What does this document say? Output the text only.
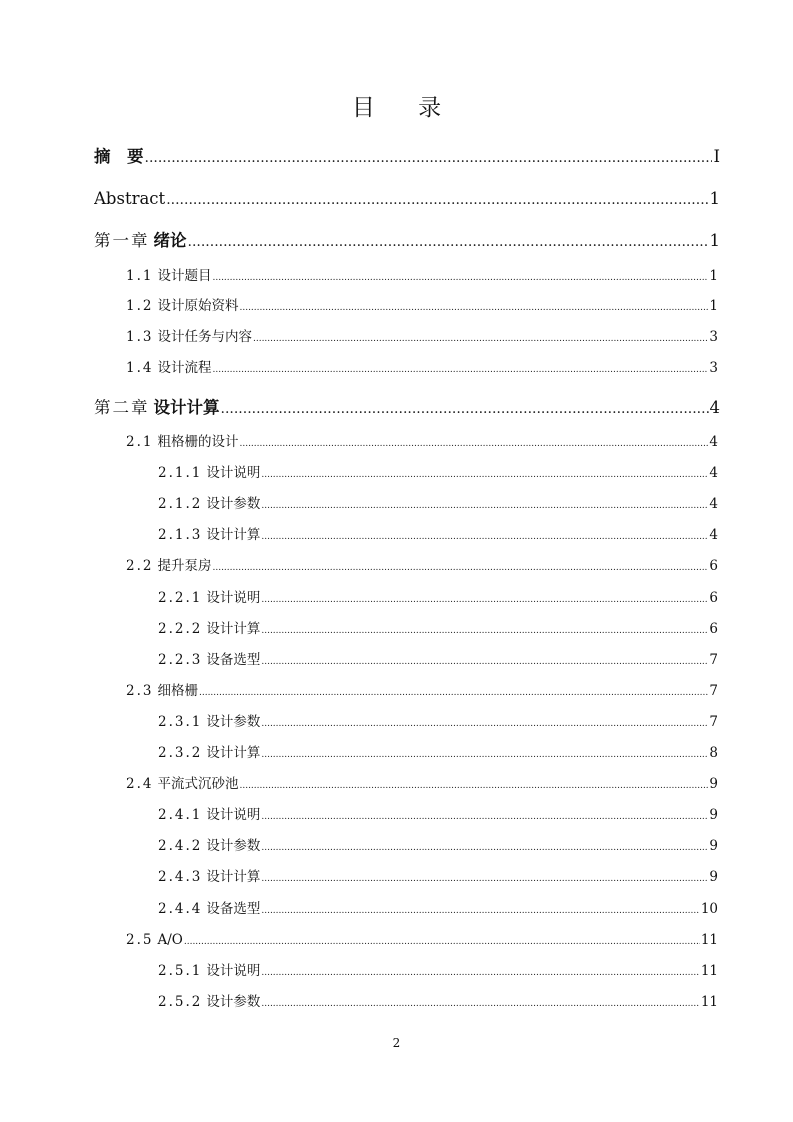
目 录
摘　要 .....	I
Abstract .....	1
第一章 绪论 .....	1
1.1 设计题目 .....	1
1.2 设计原始资料 .....	1
1.3 设计任务与内容 .....	3
1.4 设计流程 .....	3
第二章 设计计算 .....	4
2.1 粗格栅的设计 .....	4
2.1.1 设计说明 .....	4
2.1.2 设计参数 .....	4
2.1.3 设计计算 .....	4
2.2 提升泵房 .....	6
2.2.1 设计说明 .....	6
2.2.2 设计计算 .....	6
2.2.3 设备选型 .....	7
2.3 细格栅 .....	7
2.3.1 设计参数 .....	7
2.3.2 设计计算 .....	8
2.4 平流式沉砂池 .....	9
2.4.1 设计说明 .....	9
2.4.2 设计参数 .....	9
2.4.3 设计计算 .....	9
2.4.4 设备选型 .....	10
2.5 A/O .....	11
2.5.1 设计说明 .....	11
2.5.2 设计参数 .....	11
2
